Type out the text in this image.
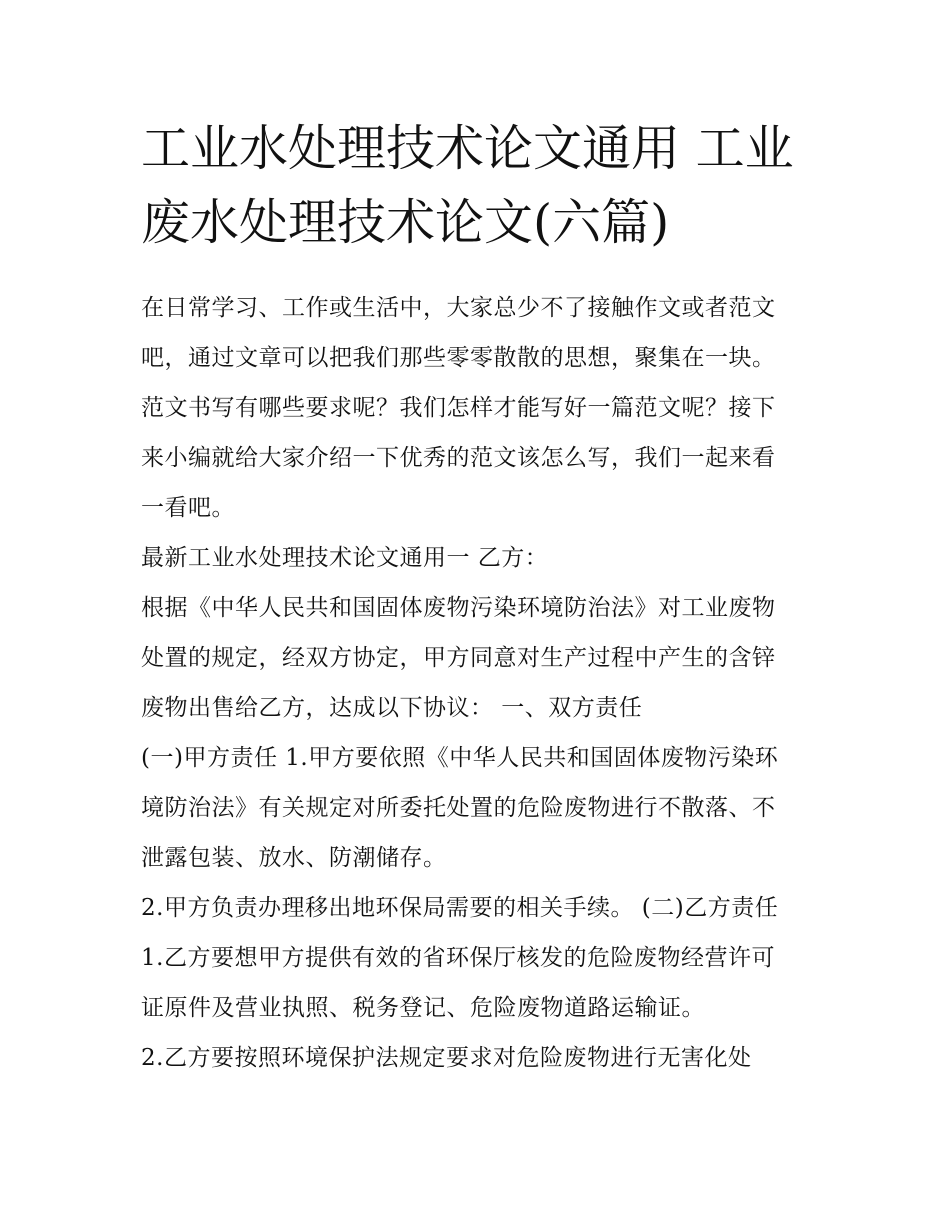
工业水处理技术论文通用 工业
废水处理技术论文(六篇)
在日常学习、工作或生活中，大家总少不了接触作文或者范文
吧，通过文章可以把我们那些零零散散的思想，聚集在一块。
范文书写有哪些要求呢？我们怎样才能写好一篇范文呢？接下
来小编就给大家介绍一下优秀的范文该怎么写，我们一起来看
一看吧。
最新工业水处理技术论文通用一 乙方：
根据《中华人民共和国固体废物污染环境防治法》对工业废物
处置的规定，经双方协定，甲方同意对生产过程中产生的含锌
废物出售给乙方，达成以下协议： 一、双方责任
(一)甲方责任 1.甲方要依照《中华人民共和国固体废物污染环
境防治法》有关规定对所委托处置的危险废物进行不散落、不
泄露包装、放水、防潮储存。
2.甲方负责办理移出地环保局需要的相关手续。 (二)乙方责任
1.乙方要想甲方提供有效的省环保厅核发的危险废物经营许可
证原件及营业执照、税务登记、危险废物道路运输证。
2.乙方要按照环境保护法规定要求对危险废物进行无害化处
